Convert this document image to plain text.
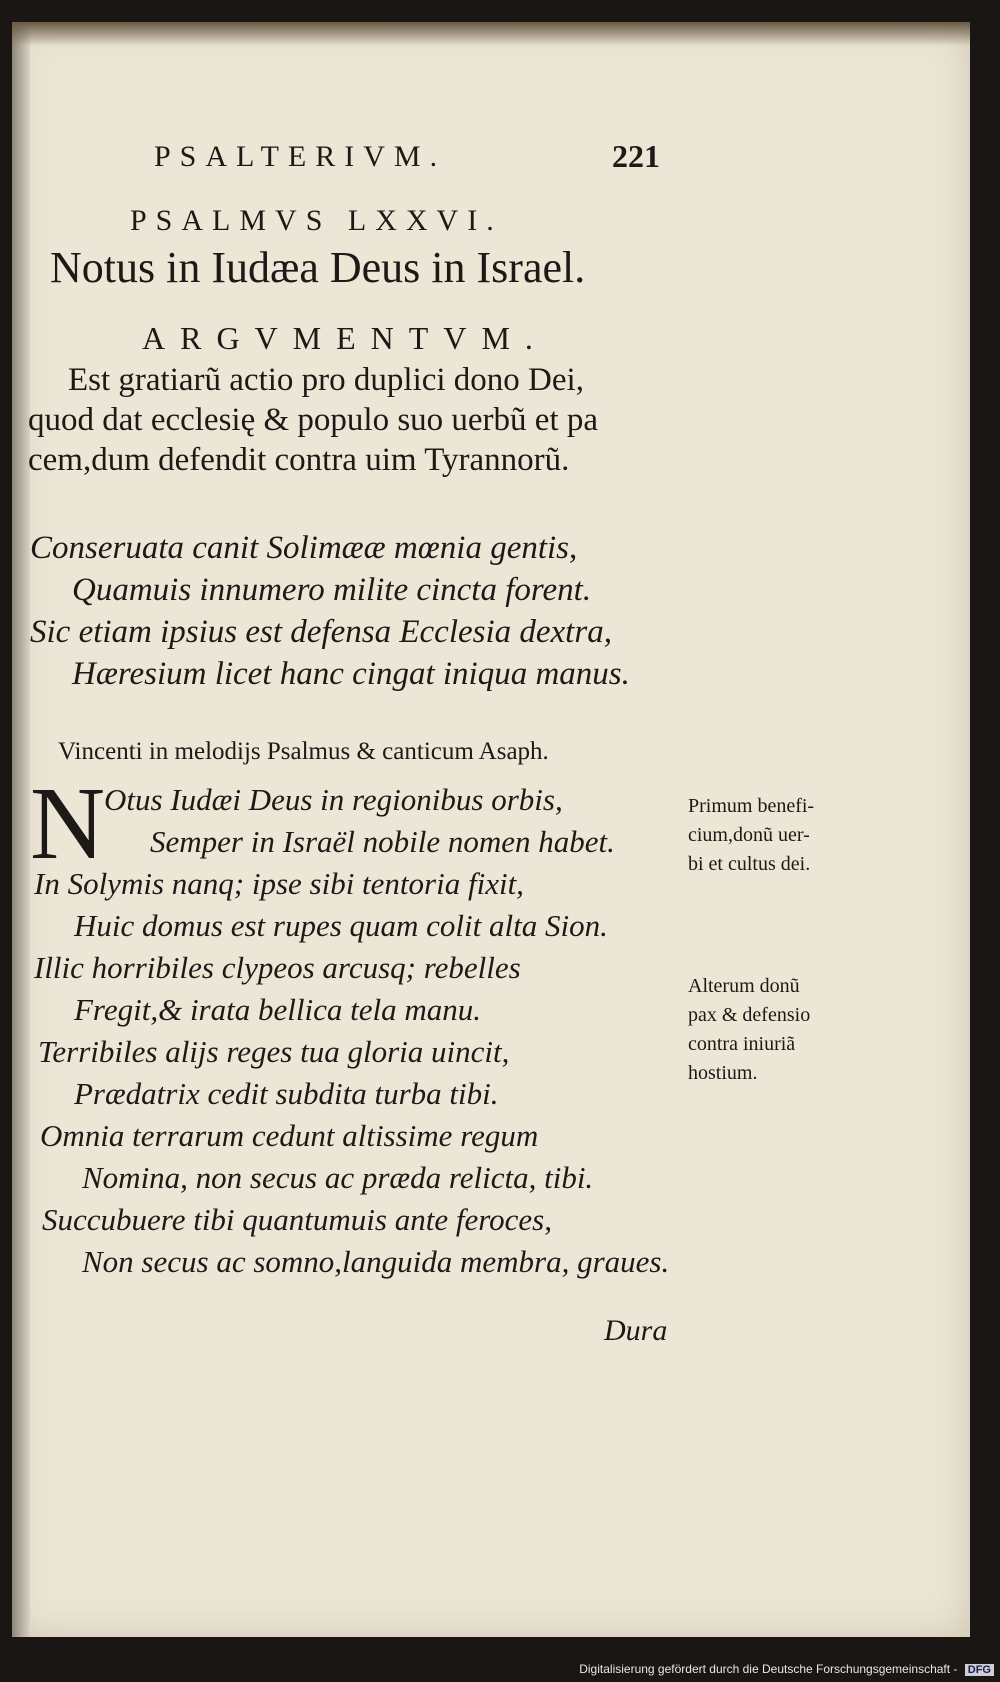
PSALTERIVM.	221
PSALMVS LXXVI.
Notus in Iudæa Deus in Israel.
ARGVMENTVM.
Est gratiarũ actio pro duplici dono Dei,
quod dat ecclesię & populo suo uerbũ et pa
cem,dum defendit contra uim Tyrannorũ.
Conseruata canit Solimææ mœnia gentis,
Quamuis innumero milite cincta forent.
Sic etiam ipsius est defensa Ecclesia dextra,
Hæresium licet hanc cingat iniqua manus.
Vincenti in melodijs Psalmus & canticum Asaph.
N
Otus Iudæi Deus in regionibus orbis,
Semper in Israël nobile nomen habet.
In Solymis nanq; ipse sibi tentoria fixit,
Huic domus est rupes quam colit alta Sion.
Illic horribiles clypeos arcusq; rebelles
Fregit,& irata bellica tela manu.
Terribiles alijs reges tua gloria uincit,
Prædatrix cedit subdita turba tibi.
Omnia terrarum cedunt altissime regum
Nomina, non secus ac præda relicta, tibi.
Succubuere tibi quantumuis ante feroces,
Non secus ac somno,languida membra, graues.
Dura
Primum benefi-
cium,donũ uer-
bi et cultus dei.
Alterum donũ
pax & defensio
contra iniuriã
hostium.
Digitalisierung gefördert durch die Deutsche Forschungsgemeinschaft - DFG
